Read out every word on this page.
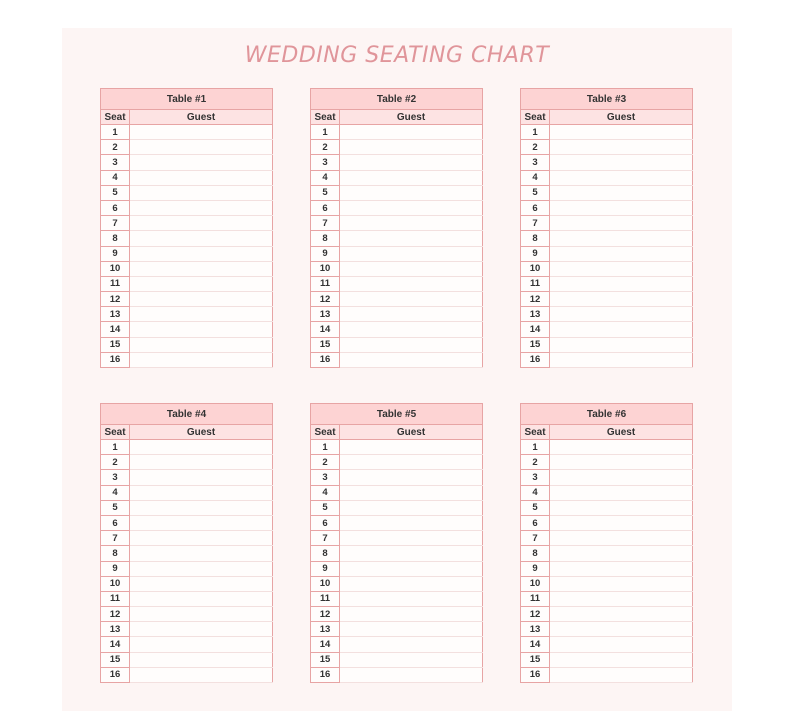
WEDDING SEATING CHART
Table #1	
Seat	Guest
1	
2	
3	
4	
5	
6	
7	
8	
9	
10	
11	
12	
13	
14	
15	
16	
Table #2	
Seat	Guest
1	
2	
3	
4	
5	
6	
7	
8	
9	
10	
11	
12	
13	
14	
15	
16	
Table #3	
Seat	Guest
1	
2	
3	
4	
5	
6	
7	
8	
9	
10	
11	
12	
13	
14	
15	
16	
Table #4	
Seat	Guest
1	
2	
3	
4	
5	
6	
7	
8	
9	
10	
11	
12	
13	
14	
15	
16	
Table #5	
Seat	Guest
1	
2	
3	
4	
5	
6	
7	
8	
9	
10	
11	
12	
13	
14	
15	
16	
Table #6	
Seat	Guest
1	
2	
3	
4	
5	
6	
7	
8	
9	
10	
11	
12	
13	
14	
15	
16	
